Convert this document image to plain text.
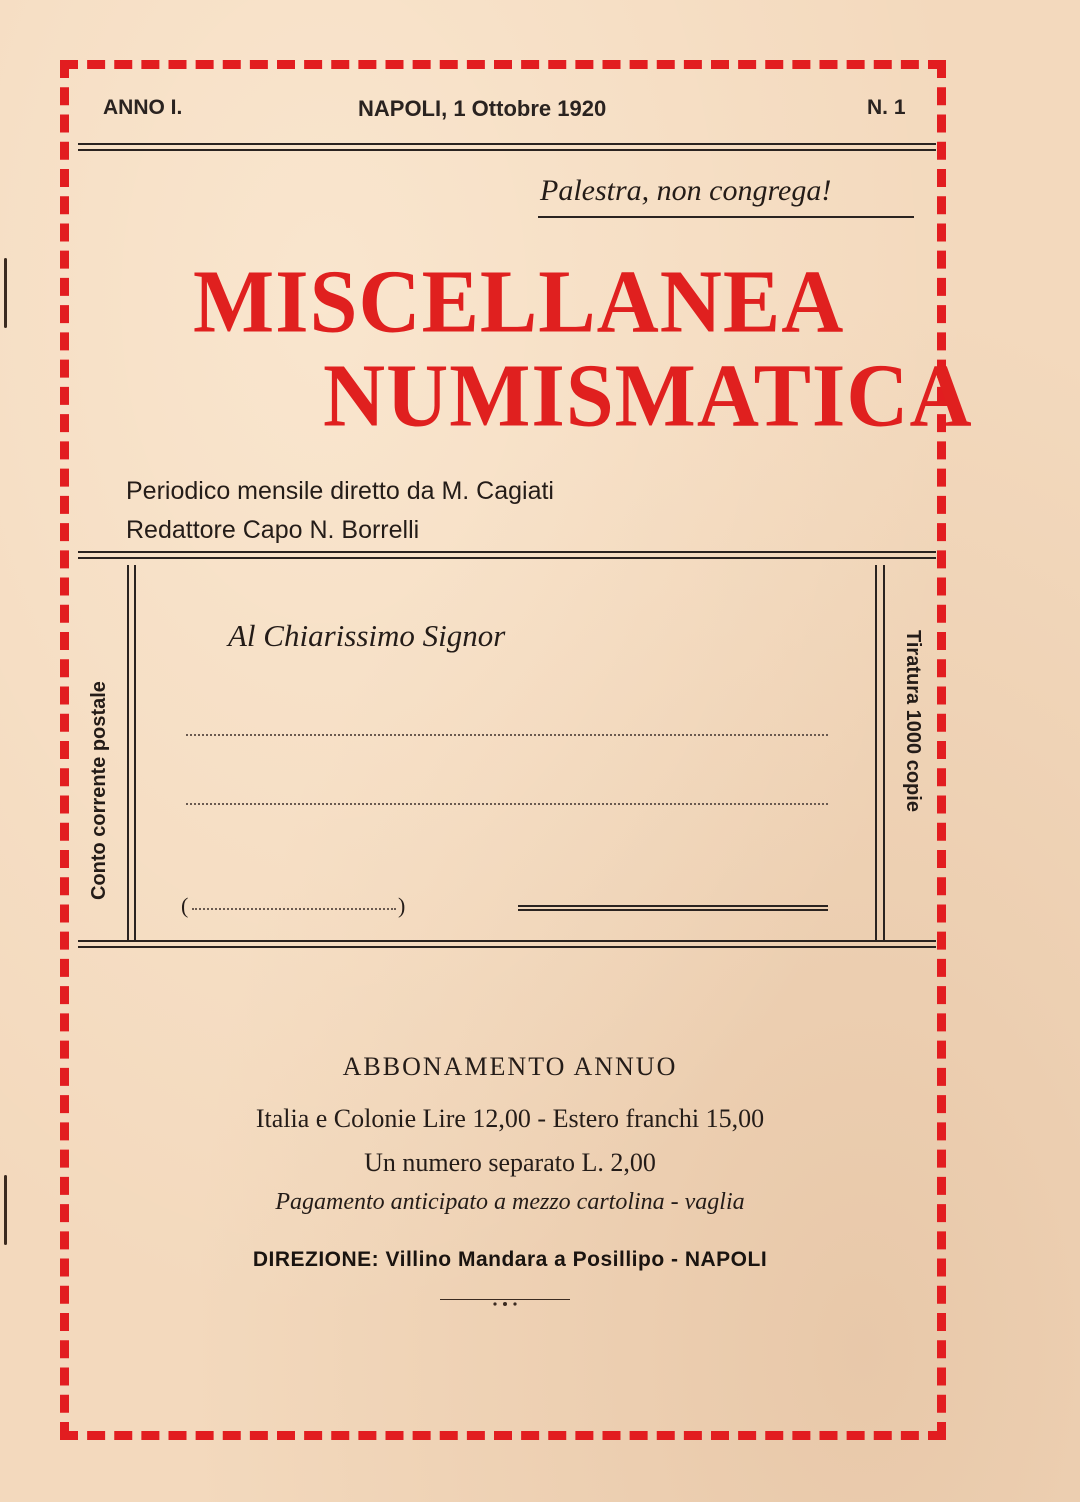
ANNO I.	NAPOLI, 1 Ottobre 1920	N. 1
Palestra, non congrega!
MISCELLANEA
NUMISMATICA
Periodico mensile diretto da M. Cagiati
Redattore Capo N. Borrelli
Conto corrente postale	Tiratura 1000 copie
Al Chiarissimo Signor
(	)
ABBONAMENTO ANNUO
Italia e Colonie Lire 12,00 - Estero franchi 15,00
Un numero separato L. 2,00
Pagamento anticipato a mezzo cartolina - vaglia
DIREZIONE: Villino Mandara a Posillipo - NAPOLI
